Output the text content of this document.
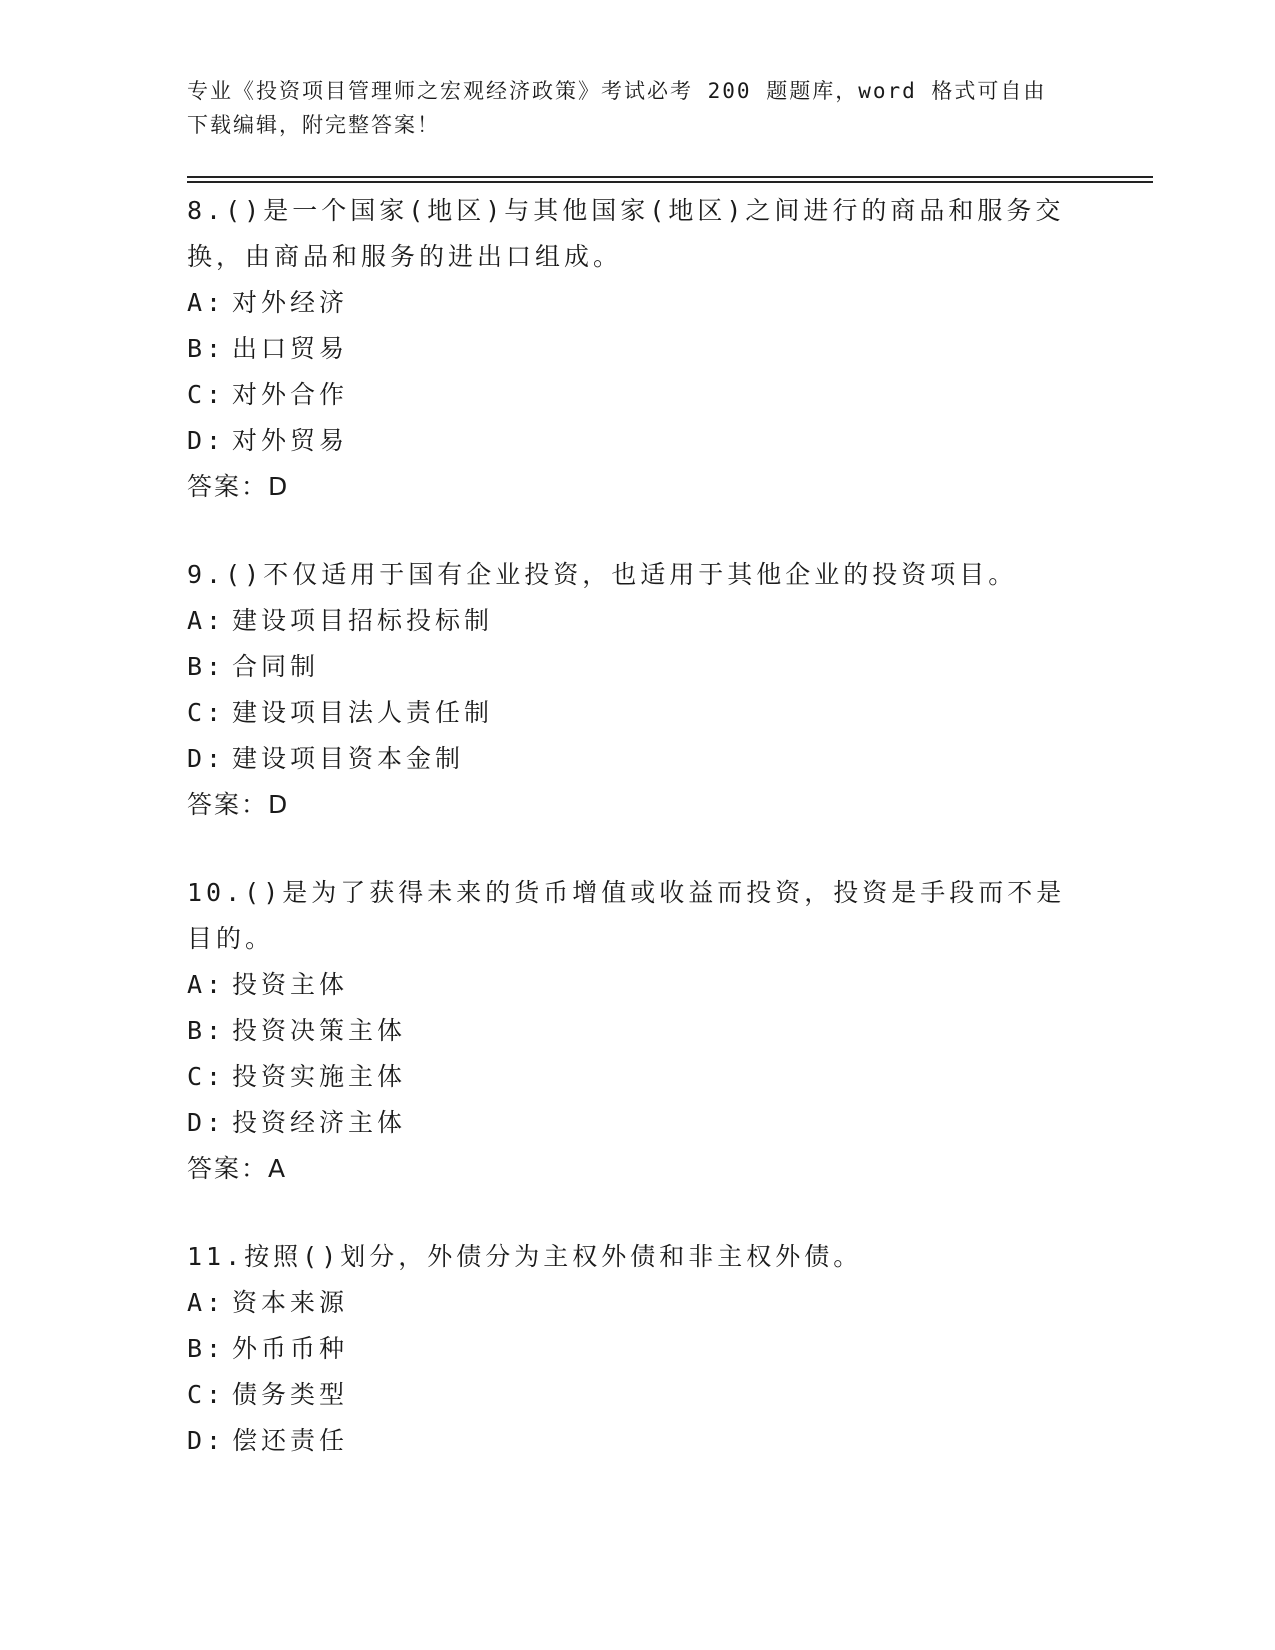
专业《投资项目管理师之宏观经济政策》考试必考 200 题题库，word 格式可自由下载编辑，附完整答案！

8.()是一个国家(地区)与其他国家(地区)之间进行的商品和服务交换，由商品和服务的进出口组成。

A: 对外经济
B: 出口贸易
C: 对外合作
D: 对外贸易
答案：D

9.()不仅适用于国有企业投资，也适用于其他企业的投资项目。

A: 建设项目招标投标制
B: 合同制
C: 建设项目法人责任制
D: 建设项目资本金制
答案：D

10.()是为了获得未来的货币增值或收益而投资，投资是手段而不是目的。

A: 投资主体
B: 投资决策主体
C: 投资实施主体
D: 投资经济主体
答案：A

11.按照()划分，外债分为主权外债和非主权外债。

A: 资本来源
B: 外币币种
C: 债务类型
D: 偿还责任
